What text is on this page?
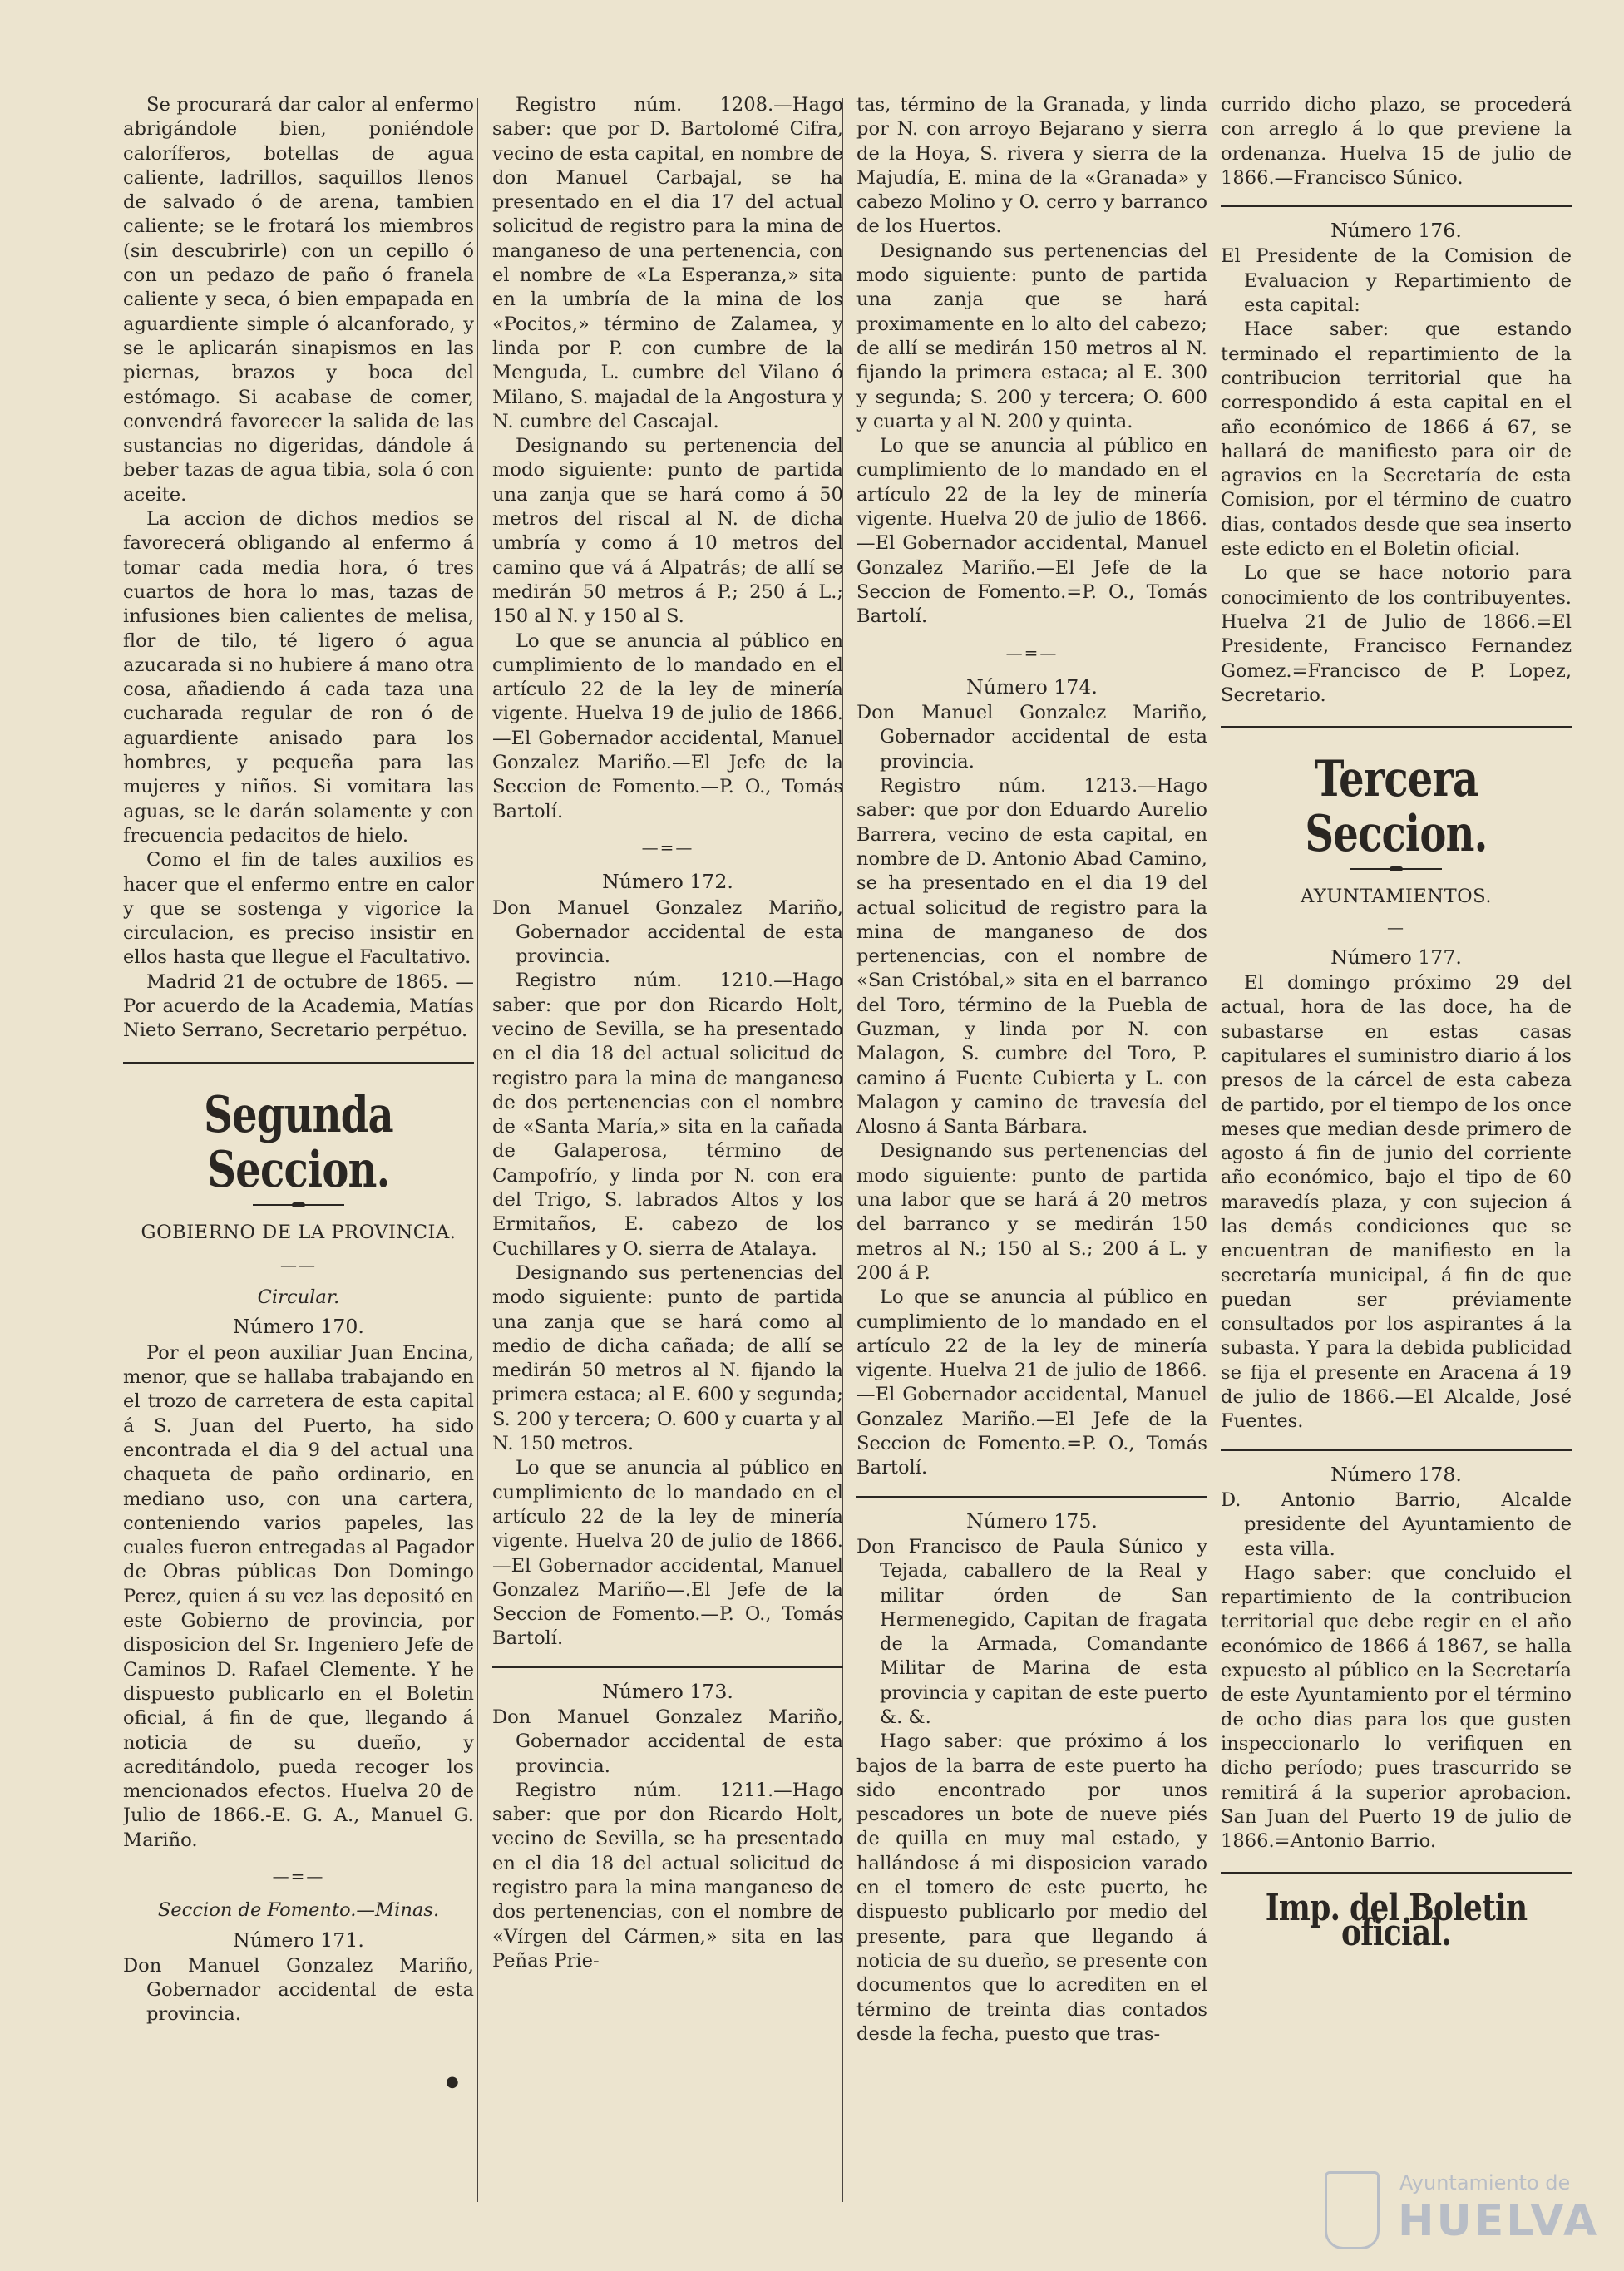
Se procurará dar calor al enfermo abrigándole bien, poniéndole caloríferos, botellas de agua caliente, ladrillos, saquillos llenos de salvado ó de arena, tambien caliente; se le frotará los miembros (sin descubrirle) con un cepillo ó con un pedazo de paño ó franela caliente y seca, ó bien empapada en aguardiente simple ó alcanforado, y se le aplicarán sinapismos en las piernas, brazos y boca del estómago. Si acabase de comer, convendrá favorecer la salida de las sustancias no digeridas, dándole á beber tazas de agua tibia, sola ó con aceite.

La accion de dichos medios se favorecerá obligando al enfermo á tomar cada media hora, ó tres cuartos de hora lo mas, tazas de infusiones bien calientes de melisa, flor de tilo, té ligero ó agua azucarada si no hubiere á mano otra cosa, añadiendo á cada taza una cucharada regular de ron ó de aguardiente anisado para los hombres, y pequeña para las mujeres y niños. Si vomitara las aguas, se le darán solamente y con frecuencia pedacitos de hielo.

Como el fin de tales auxilios es hacer que el enfermo entre en calor y que se sostenga y vigorice la circulacion, es preciso insistir en ellos hasta que llegue el Facultativo.

Madrid 21 de octubre de 1865. —Por acuerdo de la Academia, Matías Nieto Serrano, Secretario perpétuo.

Segunda Seccion.
GOBIERNO DE LA PROVINCIA.
——
Circular.
Número 170.

Por el peon auxiliar Juan Encina, menor, que se hallaba trabajando en el trozo de carretera de esta capital á S. Juan del Puerto, ha sido encontrada el dia 9 del actual una chaqueta de paño ordinario, en mediano uso, con una cartera, conteniendo varios papeles, las cuales fueron entregadas al Pagador de Obras públicas Don Domingo Perez, quien á su vez las depositó en este Gobierno de provincia, por disposicion del Sr. Ingeniero Jefe de Caminos D. Rafael Clemente. Y he dispuesto publicarlo en el Boletin oficial, á fin de que, llegando á noticia de su dueño, y acreditándolo, pueda recoger los mencionados efectos. Huelva 20 de Julio de 1866.-E. G. A., Manuel G. Mariño.

—=—
Seccion de Fomento.—Minas.
Número 171.

Don Manuel Gonzalez Mariño, Gobernador accidental de esta provincia.

●

Registro núm. 1208.—Hago saber: que por D. Bartolomé Cifra, vecino de esta capital, en nombre de don Manuel Carbajal, se ha presentado en el dia 17 del actual solicitud de registro para la mina de manganeso de una pertenencia, con el nombre de «La Esperanza,» sita en la umbría de la mina de los «Pocitos,» término de Zalamea, y linda por P. con cumbre de la Menguda, L. cumbre del Vilano ó Milano, S. majadal de la Angostura y N. cumbre del Cascajal.

Designando su pertenencia del modo siguiente: punto de partida una zanja que se hará como á 50 metros del riscal al N. de dicha umbría y como á 10 metros del camino que vá á Alpatrás; de allí se medirán 50 metros á P.; 250 á L.; 150 al N. y 150 al S.

Lo que se anuncia al público en cumplimiento de lo mandado en el artículo 22 de la ley de minería vigente. Huelva 19 de julio de 1866.—El Gobernador accidental, Manuel Gonzalez Mariño.—El Jefe de la Seccion de Fomento.—P. O., Tomás Bartolí.

—=—
Número 172.

Don Manuel Gonzalez Mariño, Gobernador accidental de esta provincia.

Registro núm. 1210.—Hago saber: que por don Ricardo Holt, vecino de Sevilla, se ha presentado en el dia 18 del actual solicitud de registro para la mina de manganeso de dos pertenencias con el nombre de «Santa María,» sita en la cañada de Galaperosa, término de Campofrío, y linda por N. con era del Trigo, S. labrados Altos y los Ermitaños, E. cabezo de los Cuchillares y O. sierra de Atalaya.

Designando sus pertenencias del modo siguiente: punto de partida una zanja que se hará como al medio de dicha cañada; de allí se medirán 50 metros al N. fijando la primera estaca; al E. 600 y segunda; S. 200 y tercera; O. 600 y cuarta y al N. 150 metros.

Lo que se anuncia al público en cumplimiento de lo mandado en el artículo 22 de la ley de minería vigente. Huelva 20 de julio de 1866.—El Gobernador accidental, Manuel Gonzalez Mariño—.El Jefe de la Seccion de Fomento.—P. O., Tomás Bartolí.

Número 173.

Don Manuel Gonzalez Mariño, Gobernador accidental de esta provincia.

Registro núm. 1211.—Hago saber: que por don Ricardo Holt, vecino de Sevilla, se ha presentado en el dia 18 del actual solicitud de registro para la mina manganeso de dos pertenencias, con el nombre de «Vírgen del Cármen,» sita en las Peñas Prie-

tas, término de la Granada, y linda por N. con arroyo Bejarano y sierra de la Hoya, S. rivera y sierra de la Majudía, E. mina de la «Granada» y cabezo Molino y O. cerro y barranco de los Huertos.

Designando sus pertenencias del modo siguiente: punto de partida una zanja que se hará proximamente en lo alto del cabezo; de allí se medirán 150 metros al N. fijando la primera estaca; al E. 300 y segunda; S. 200 y tercera; O. 600 y cuarta y al N. 200 y quinta.

Lo que se anuncia al público en cumplimiento de lo mandado en el artículo 22 de la ley de minería vigente. Huelva 20 de julio de 1866.—El Gobernador accidental, Manuel Gonzalez Mariño.—El Jefe de la Seccion de Fomento.=P. O., Tomás Bartolí.

—=—
Número 174.

Don Manuel Gonzalez Mariño, Gobernador accidental de esta provincia.

Registro núm. 1213.—Hago saber: que por don Eduardo Aurelio Barrera, vecino de esta capital, en nombre de D. Antonio Abad Camino, se ha presentado en el dia 19 del actual solicitud de registro para la mina de manganeso de dos pertenencias, con el nombre de «San Cristóbal,» sita en el barranco del Toro, término de la Puebla de Guzman, y linda por N. con Malagon, S. cumbre del Toro, P. camino á Fuente Cubierta y L. con Malagon y camino de travesía del Alosno á Santa Bárbara.

Designando sus pertenencias del modo siguiente: punto de partida una labor que se hará á 20 metros del barranco y se medirán 150 metros al N.; 150 al S.; 200 á L. y 200 á P.

Lo que se anuncia al público en cumplimiento de lo mandado en el artículo 22 de la ley de minería vigente. Huelva 21 de julio de 1866.—El Gobernador accidental, Manuel Gonzalez Mariño.—El Jefe de la Seccion de Fomento.=P. O., Tomás Bartolí.

Número 175.

Don Francisco de Paula Súnico y Tejada, caballero de la Real y militar órden de San Hermenegido, Capitan de fragata de la Armada, Comandante Militar de Marina de esta provincia y capitan de este puerto &. &.

Hago saber: que próximo á los bajos de la barra de este puerto ha sido encontrado por unos pescadores un bote de nueve piés de quilla en muy mal estado, y hallándose á mi disposicion varado en el tomero de este puerto, he dispuesto publicarlo por medio del presente, para que llegando á noticia de su dueño, se presente con documentos que lo acrediten en el término de treinta dias contados desde la fecha, puesto que tras-

currido dicho plazo, se procederá con arreglo á lo que previene la ordenanza. Huelva 15 de julio de 1866.—Francisco Súnico.

Número 176.

El Presidente de la Comision de Evaluacion y Repartimiento de esta capital:

Hace saber: que estando terminado el repartimiento de la contribucion territorial que ha correspondido á esta capital en el año económico de 1866 á 67, se hallará de manifiesto para oir de agravios en la Secretaría de esta Comision, por el término de cuatro dias, contados desde que sea inserto este edicto en el Boletin oficial.

Lo que se hace notorio para conocimiento de los contribuyentes. Huelva 21 de Julio de 1866.=El Presidente, Francisco Fernandez Gomez.=Francisco de P. Lopez, Secretario.

Tercera Seccion.
AYUNTAMIENTOS.
—
Número 177.

El domingo próximo 29 del actual, hora de las doce, ha de subastarse en estas casas capitulares el suministro diario á los presos de la cárcel de esta cabeza de partido, por el tiempo de los once meses que median desde primero de agosto á fin de junio del corriente año económico, bajo el tipo de 60 maravedís plaza, y con sujecion á las demás condiciones que se encuentran de manifiesto en la secretaría municipal, á fin de que puedan ser préviamente consultados por los aspirantes á la subasta. Y para la debida publicidad se fija el presente en Aracena á 19 de julio de 1866.—El Alcalde, José Fuentes.

Número 178.

D. Antonio Barrio, Alcalde presidente del Ayuntamiento de esta villa.

Hago saber: que concluido el repartimiento de la contribucion territorial que debe regir en el año económico de 1866 á 1867, se halla expuesto al público en la Secretaría de este Ayuntamiento por el término de ocho dias para los que gusten inspeccionarlo lo verifiquen en dicho período; pues trascurrido se remitirá á la superior aprobacion. San Juan del Puerto 19 de julio de 1866.=Antonio Barrio.

Imp. del Boletin oficial.
Ayuntamiento de
HUELVA
